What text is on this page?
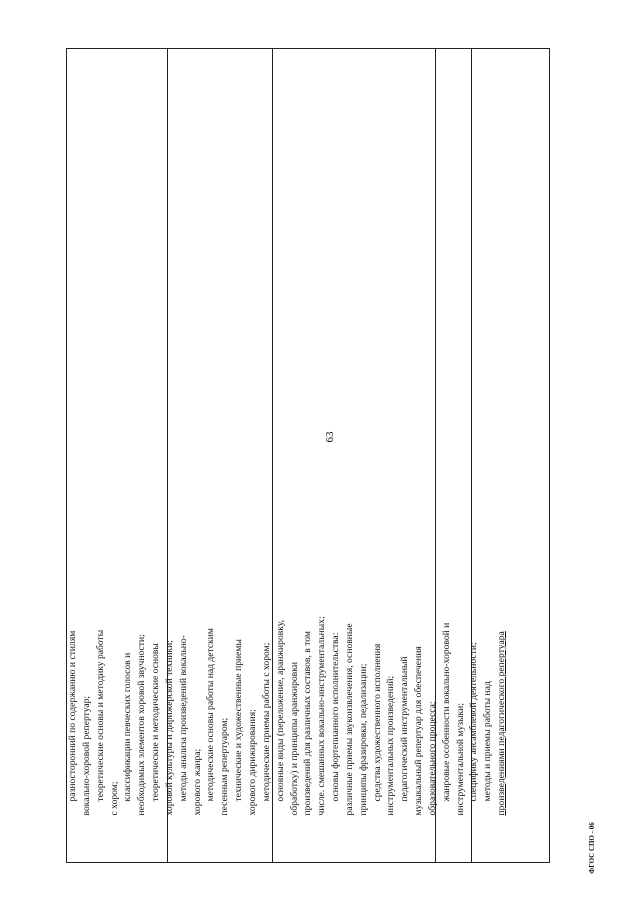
63
разносторонний по содержанию и стилям вокально-хоровой репертуар; теоретические основы и методику работы с хором; классификации певческих голосов и необходимых элементов хоровой звучности; теоретические и методические основы хоровой культуры и дирижерской техники; методы анализа произведений вокально- хорового жанра; методические основы работы над детским песенным репертуаром; технические и художественные приемы хорового дирижирования; методические приемы работы с хором; основные виды (переложение, аранжировку, обработку) и принципы аранжировки произведений для различных составов, в том числе. смешанных вокально-инструментальных; основы фортепианного исполнительства: различные приемы звукоизвлечения, основные принципы фразировки, педализации; средства художественного исполнения инструментальных произведений; педагогический инструментальный музыкальный репертуар для обеспечения образовательного процесса; жанровые особенности вокально-хоровой и инструментальной музыки; специфику ансамблевой деятельности; методы и приемы работы над произведениями педагогического репертуара
ФГОС СПО - 06
